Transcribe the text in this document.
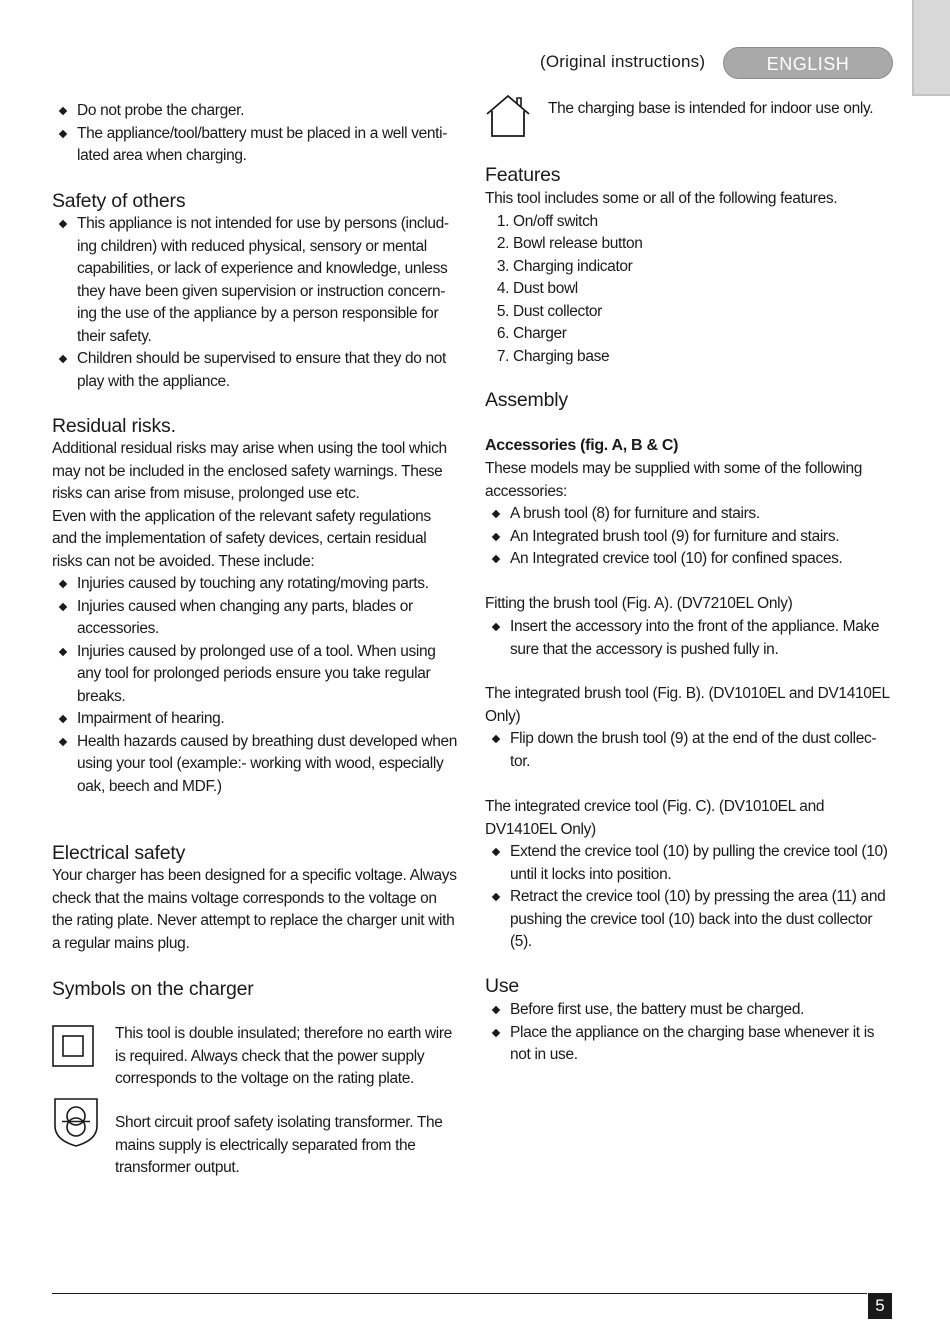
(Original instructions)	ENGLISH
Do not probe the charger.
The appliance/tool/battery must be placed in a well venti-lated area when charging.
Safety of others
This appliance is not intended for use by persons (includ-ing children) with reduced physical, sensory or mental capabilities, or lack of experience and knowledge, unless they have been given supervision or instruction concern-ing the use of the appliance by a person responsible for their safety.
Children should be supervised to ensure that they do not play with the appliance.
Residual risks.

Additional residual risks may arise when using the tool which may not be included in the enclosed safety warnings. These risks can arise from misuse, prolonged use etc.

Even with the application of the relevant safety regulations and the implementation of safety devices, certain residual risks can not be avoided. These include:

Injuries caused by touching any rotating/moving parts.
Injuries caused when changing any parts, blades or accessories.
Injuries caused by prolonged use of a tool. When using any tool for prolonged periods ensure you take regular breaks.
Impairment of hearing.
Health hazards caused by breathing dust developed when using your tool (example:- working with wood, especially oak, beech and MDF.)
Electrical safety

Your charger has been designed for a specific voltage. Always check that the mains voltage corresponds to the voltage on the rating plate. Never attempt to replace the charger unit with a regular mains plug.

Symbols on the charger

This tool is double insulated; therefore no earth wire is required. Always check that the power supply corresponds to the voltage on the rating plate.

Short circuit proof safety isolating transformer. The mains supply is electrically separated from the transformer output.

The charging base is intended for indoor use only.

Features

This tool includes some or all of the following features.

1. On/off switch
2. Bowl release button
3. Charging indicator
4. Dust bowl
5. Dust collector
6. Charger
7. Charging base
Assembly
Accessories (fig. A, B & C)

These models may be supplied with some of the following accessories:

A brush tool (8) for furniture and stairs.
An Integrated brush tool (9) for furniture and stairs.
An Integrated crevice tool (10) for confined spaces.

Fitting the brush tool (Fig. A). (DV7210EL Only)

Insert the accessory into the front of the appliance. Make sure that the accessory is pushed fully in.

The integrated brush tool (Fig. B). (DV1010EL and DV1410EL Only)

Flip down the brush tool (9) at the end of the dust collec-tor.

The integrated crevice tool (Fig. C). (DV1010EL and DV1410EL Only)

Extend the crevice tool (10) by pulling the crevice tool (10) until it locks into position.
Retract the crevice tool (10) by pressing the area (11) and pushing the crevice tool (10) back into the dust collector (5).
Use
Before first use, the battery must be charged.
Place the appliance on the charging base whenever it is not in use.
5
